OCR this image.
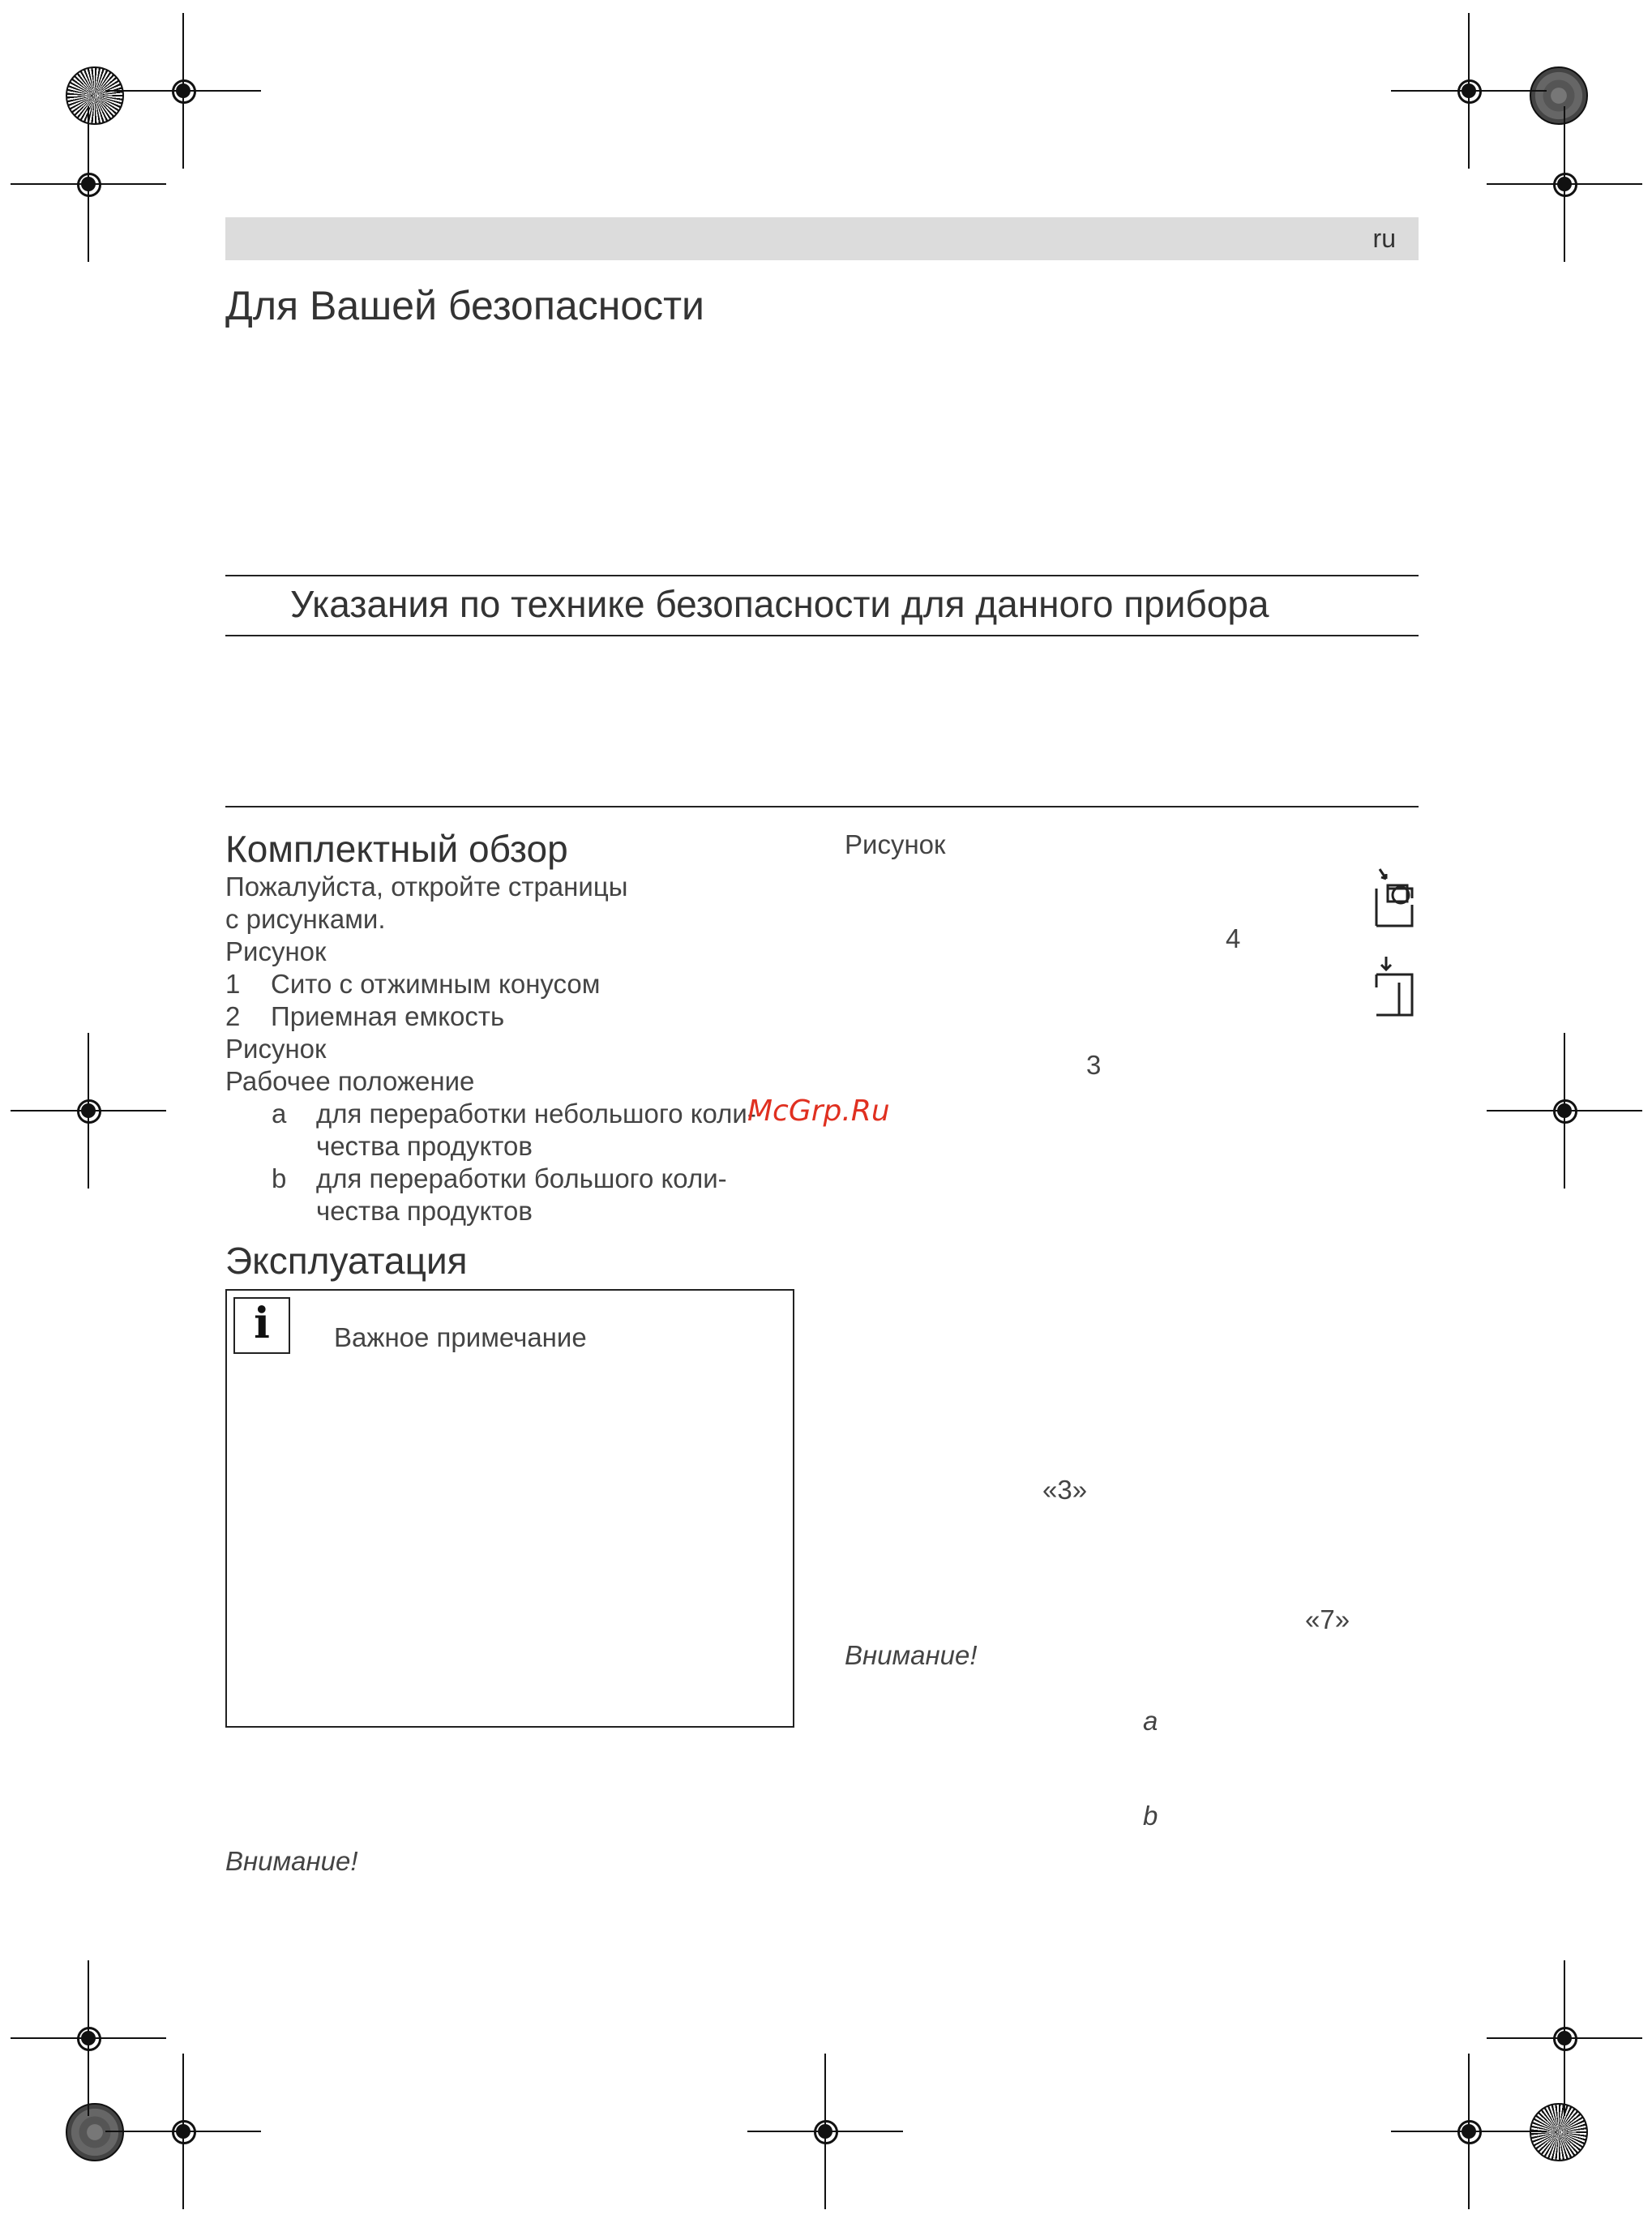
ru
Для Вашей безопасности
Указания по технике безопасности для данного прибора
Комплектный обзор
Пожалуйста, откройте страницы
с рисунками.
Рисунок
1 Сито с отжимным конусом
2 Приемная емкость
Рисунок
Рабочее положение
a для переработки небольшого коли-
чества продуктов
b для переработки большого коли-
чества продуктов
McGrp.Ru
Эксплуатация
i	Важное примечание
Внимание!
Рисунок
4
3
«3»
«7»
Внимание!
a
b
